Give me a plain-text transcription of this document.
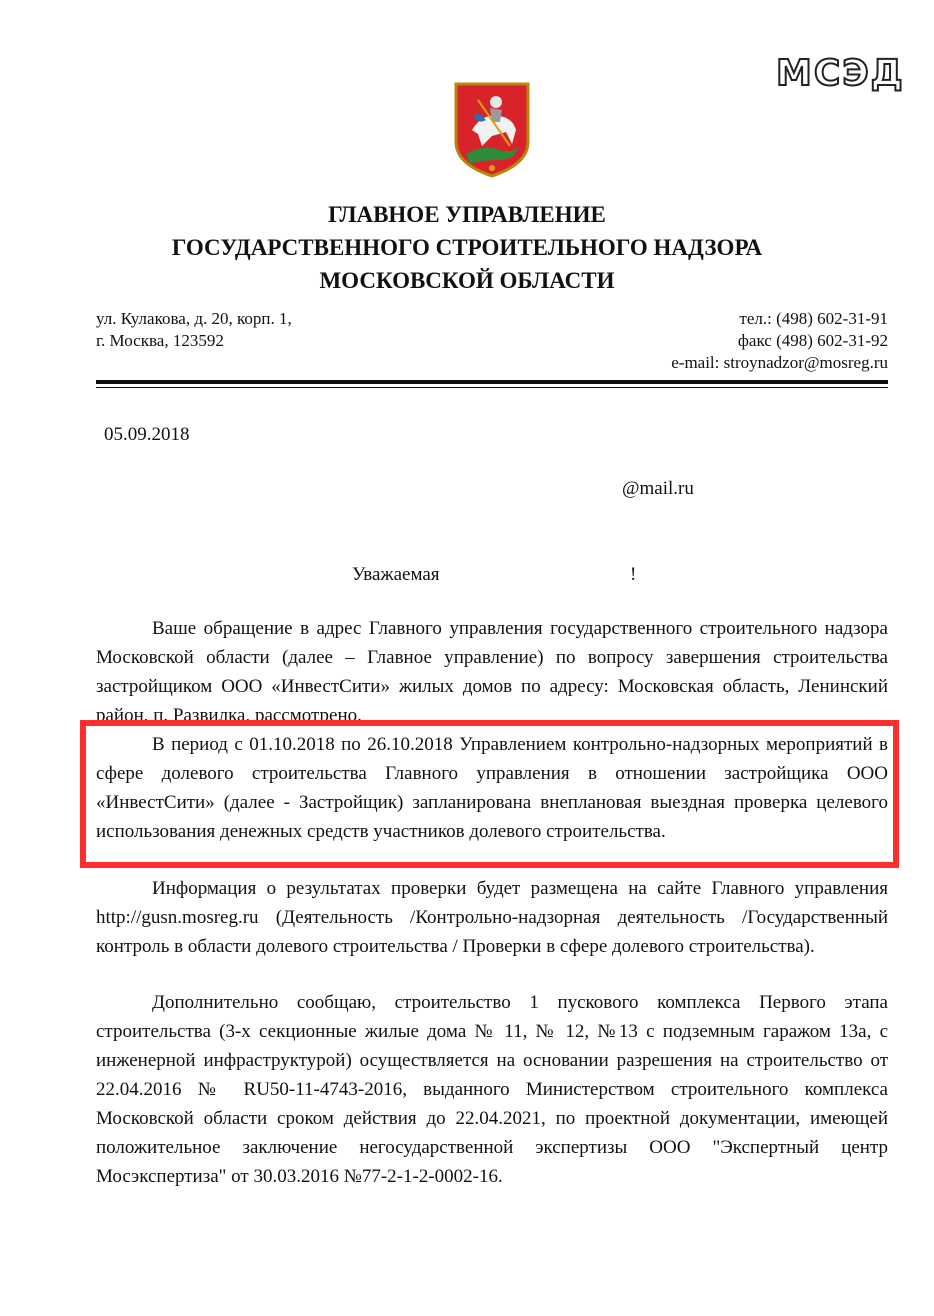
МСЭД
ГЛАВНОЕ УПРАВЛЕНИЕ
ГОСУДАРСТВЕННОГО СТРОИТЕЛЬНОГО НАДЗОРА
МОСКОВСКОЙ ОБЛАСТИ
ул. Кулакова, д. 20, корп. 1,
г. Москва, 123592
тел.: (498) 602-31-91
факс (498) 602-31-92
e-mail: stroynadzor@mosreg.ru
05.09.2018
@mail.ru
Уважаемая	!

Ваше обращение в адрес Главного управления государственного строительного надзора Московской области (далее – Главное управление) по вопросу завершения строительства застройщиком ООО «ИнвестСити» жилых домов по адресу: Московская область, Ленинский район, п. Развилка, рассмотрено.

В период с 01.10.2018 по 26.10.2018 Управлением контрольно-надзорных мероприятий в сфере долевого строительства Главного управления в отношении застройщика ООО «ИнвестСити» (далее - Застройщик) запланирована внеплановая выездная проверка целевого использования денежных средств участников долевого строительства.

Информация о результатах проверки будет размещена на сайте Главного управления http://gusn.mosreg.ru (Деятельность /Контрольно-надзорная деятельность /Государственный контроль в области долевого строительства / Проверки в сфере долевого строительства).

Дополнительно сообщаю, строительство 1 пускового комплекса Первого этапа строительства (3-х секционные жилые дома № 11, № 12, №13 с подземным гаражом 13а, с инженерной инфраструктурой) осуществляется на основании разрешения на строительство от 22.04.2016 № RU50-11-4743-2016, выданного Министерством строительного комплекса Московской области сроком действия до 22.04.2021, по проектной документации, имеющей положительное заключение негосударственной экспертизы ООО "Экспертный центр Мосэкспертиза" от 30.03.2016 №77-2-1-2-0002-16.
